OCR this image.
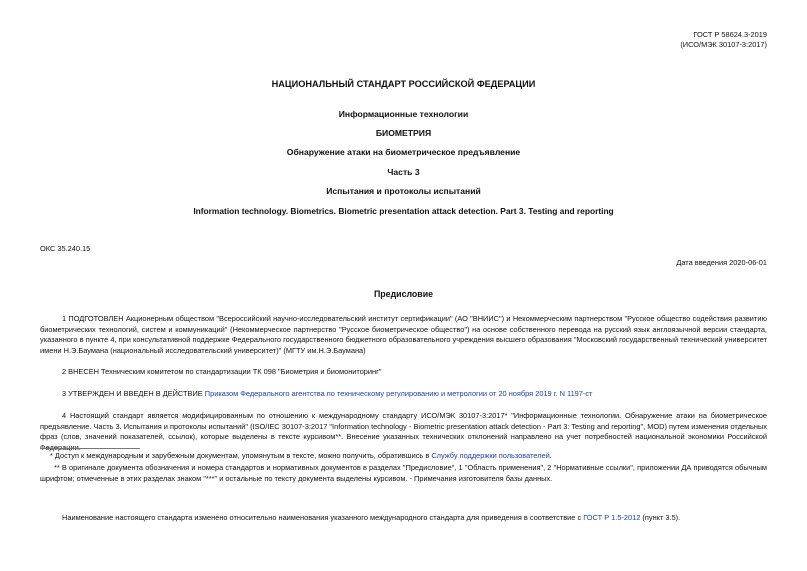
ГОСТ Р 58624.3-2019
(ИСО/МЭК 30107-3:2017)
НАЦИОНАЛЬНЫЙ СТАНДАРТ РОССИЙСКОЙ ФЕДЕРАЦИИ
Информационные технологии
БИОМЕТРИЯ
Обнаружение атаки на биометрическое предъявление
Часть 3
Испытания и протоколы испытаний
Information technology. Biometrics. Biometric presentation attack detection. Part 3. Testing and reporting
ОКС 35.240.15
Дата введения 2020-06-01
Предисловие
1 ПОДГОТОВЛЕН Акционерным обществом "Всероссийский научно-исследовательский институт сертификации" (АО "ВНИИС") и Некоммерческим партнерством "Русское общество содействия развитию биометрических технологий, систем и коммуникаций" (Некоммерческое партнерство "Русское биометрическое общество") на основе собственного перевода на русский язык англоязычной версии стандарта, указанного в пункте 4, при консультативной поддержке Федерального государственного бюджетного образовательного учреждения высшего образования "Московский государственный технический университет имени Н.Э.Баумана (национальный исследовательский университет)" (МГТУ им.Н.Э.Баумана)
2 ВНЕСЕН Техническим комитетом по стандартизации ТК 098 "Биометрия и биомониторинг"
3 УТВЕРЖДЕН И ВВЕДЕН В ДЕЙСТВИЕ Приказом Федерального агентства по техническому регулированию и метрологии от 20 ноября 2019 г. N 1197-ст
4 Настоящий стандарт является модифицированным по отношению к международному стандарту ИСО/МЭК 30107-3:2017* "Информационные технологии. Обнаружение атаки на биометрическое предъявление. Часть 3. Испытания и протоколы испытаний" (ISO/IEC 30107-3:2017 "Information technology - Biometric presentation attack detection - Part 3: Testing and reporting", MOD) путем изменения отдельных фраз (слов, значений показателей, ссылок), которые выделены в тексте курсивом**. Внесение указанных технических отклонений направлено на учет потребностей национальной экономики Российской Федерации.
* Доступ к международным и зарубежным документам, упомянутым в тексте, можно получить, обратившись в Службу поддержки пользователей.
** В оригинале документа обозначения и номера стандартов и нормативных документов в разделах "Предисловие", 1 "Область применения", 2 "Нормативные ссылки", приложении ДА приводятся обычным шрифтом; отмеченные в этих разделах знаком "***" и остальные по тексту документа выделены курсивом. - Примечания изготовителя базы данных.
Наименование настоящего стандарта изменено относительно наименования указанного международного стандарта для приведения в соответствие с ГОСТ Р 1.5-2012 (пункт 3.5).
